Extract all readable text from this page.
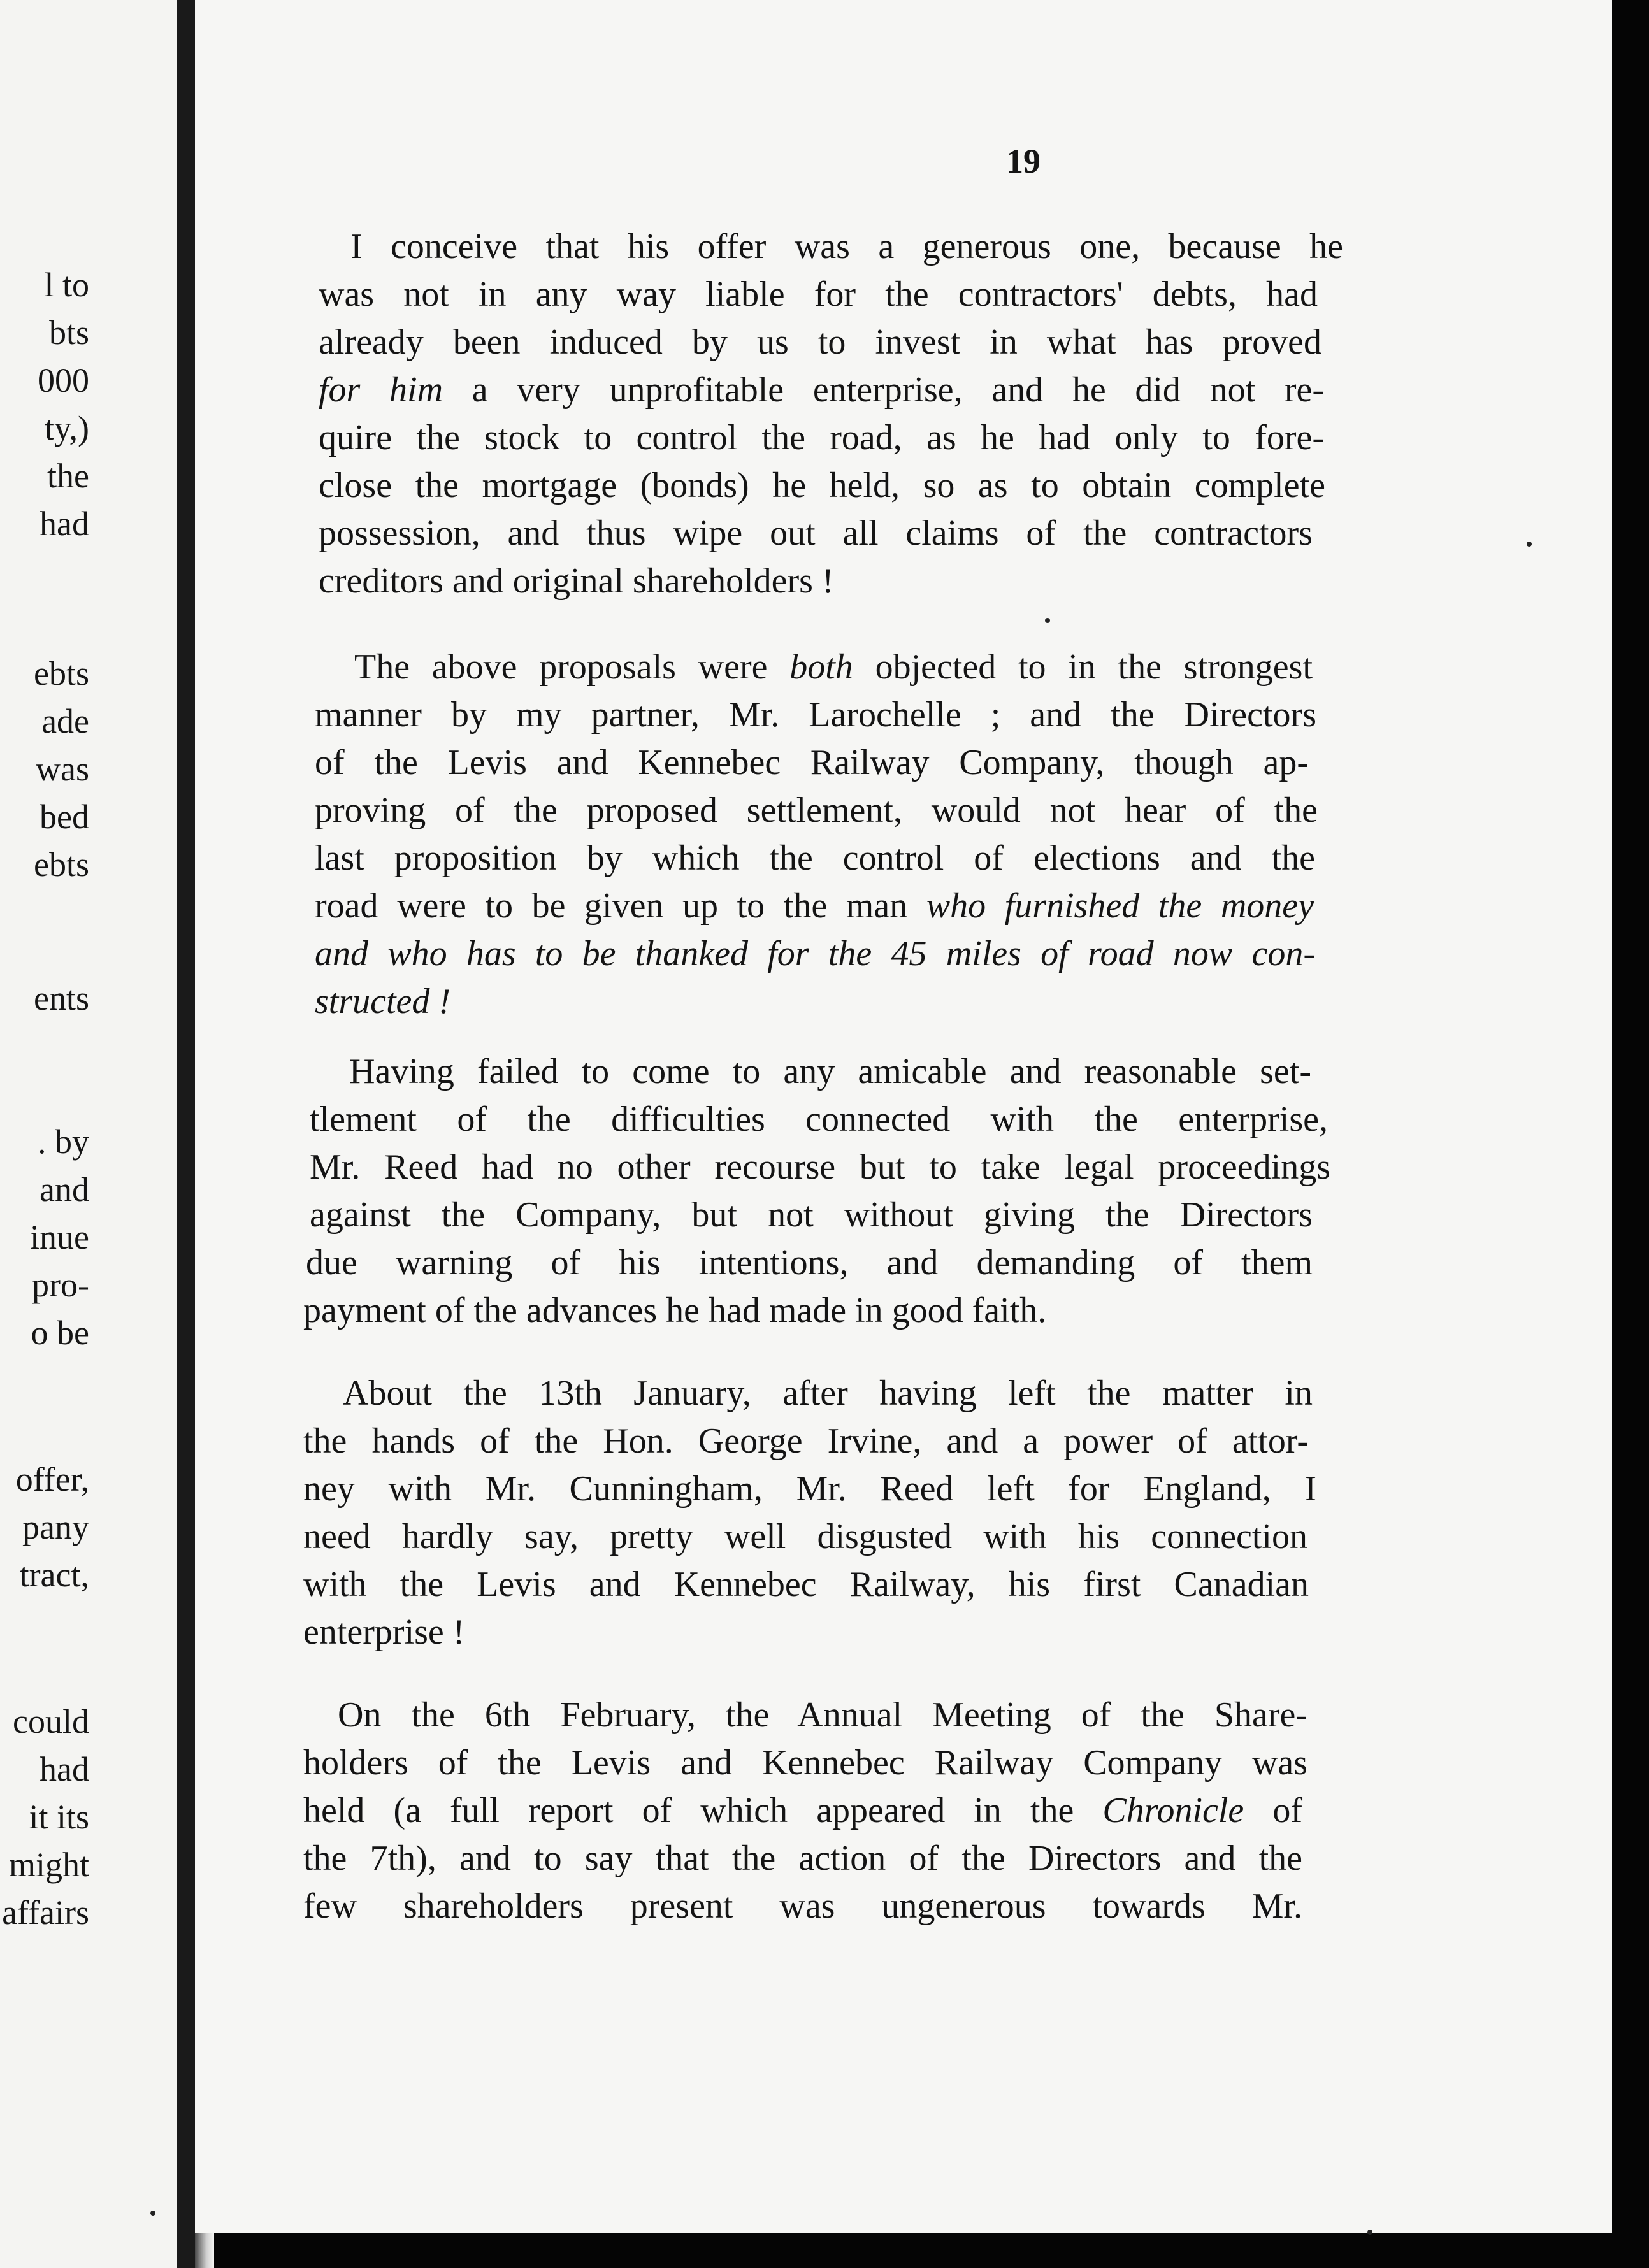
l to
bts
000
ty,)
the
had
ebts
ade
was
bed
ebts
ents
. by
and
inue
pro-
o be
offer,
pany
tract,
could
had
it its
might
affairs
19
I conceive that his offer was a generous one, because he
was not in any way liable for the contractors' debts, had
already been induced by us to invest in what has proved
for him a very unprofitable enterprise, and he did not re-
quire the stock to control the road, as he had only to fore-
close the mortgage (bonds) he held, so as to obtain complete
possession, and thus wipe out all claims of the contractors
creditors and original shareholders !
The above proposals were both objected to in the strongest
manner by my partner, Mr. Larochelle ; and the Directors
of the Levis and Kennebec Railway Company, though ap-
proving of the proposed settlement, would not hear of the
last proposition by which the control of elections and the
road were to be given up to the man who furnished the money
and who has to be thanked for the 45 miles of road now con-
structed !
Having failed to come to any amicable and reasonable set-
tlement of the difficulties connected with the enterprise,
Mr. Reed had no other recourse but to take legal proceedings
against the Company, but not without giving the Directors
due warning of his intentions, and demanding of them
payment of the advances he had made in good faith.
About the 13th January, after having left the matter in
the hands of the Hon. George Irvine, and a power of attor-
ney with Mr. Cunningham, Mr. Reed left for England, I
need hardly say, pretty well disgusted with his connection
with the Levis and Kennebec Railway, his first Canadian
enterprise !
On the 6th February, the Annual Meeting of the Share-
holders of the Levis and Kennebec Railway Company was
held (a full report of which appeared in the Chronicle of
the 7th), and to say that the action of the Directors and the
few shareholders present was ungenerous towards Mr.
